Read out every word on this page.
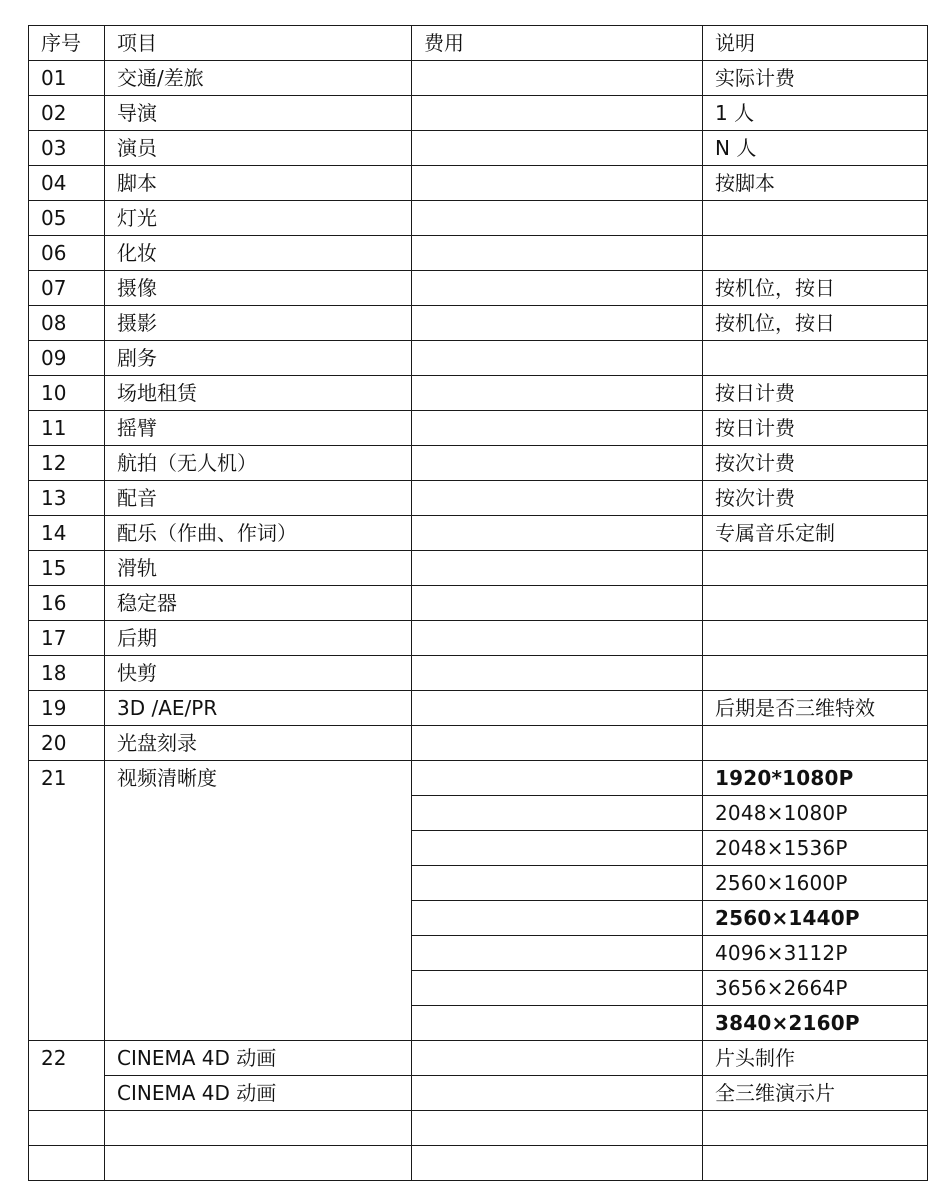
序号	项目	费用	说明
01	交通/差旅		实际计费
02	导演		1 人
03	演员		N 人
04	脚本		按脚本
05	灯光		
06	化妆		
07	摄像		按机位，按日
08	摄影		按机位，按日
09	剧务		
10	场地租赁		按日计费
11	摇臂		按日计费
12	航拍（无人机）		按次计费
13	配音		按次计费
14	配乐（作曲、作词）		专属音乐定制
15	滑轨		
16	稳定器		
17	后期		
18	快剪		
19	3D /AE/PR		后期是否三维特效
20	光盘刻录		
21	视频清晰度		1920*1080P
			2048×1080P
			2048×1536P
			2560×1600P
			2560×1440P
			4096×3112P
			3656×2664P
			3840×2160P
22	CINEMA 4D 动画		片头制作
	CINEMA 4D 动画		全三维演示片
